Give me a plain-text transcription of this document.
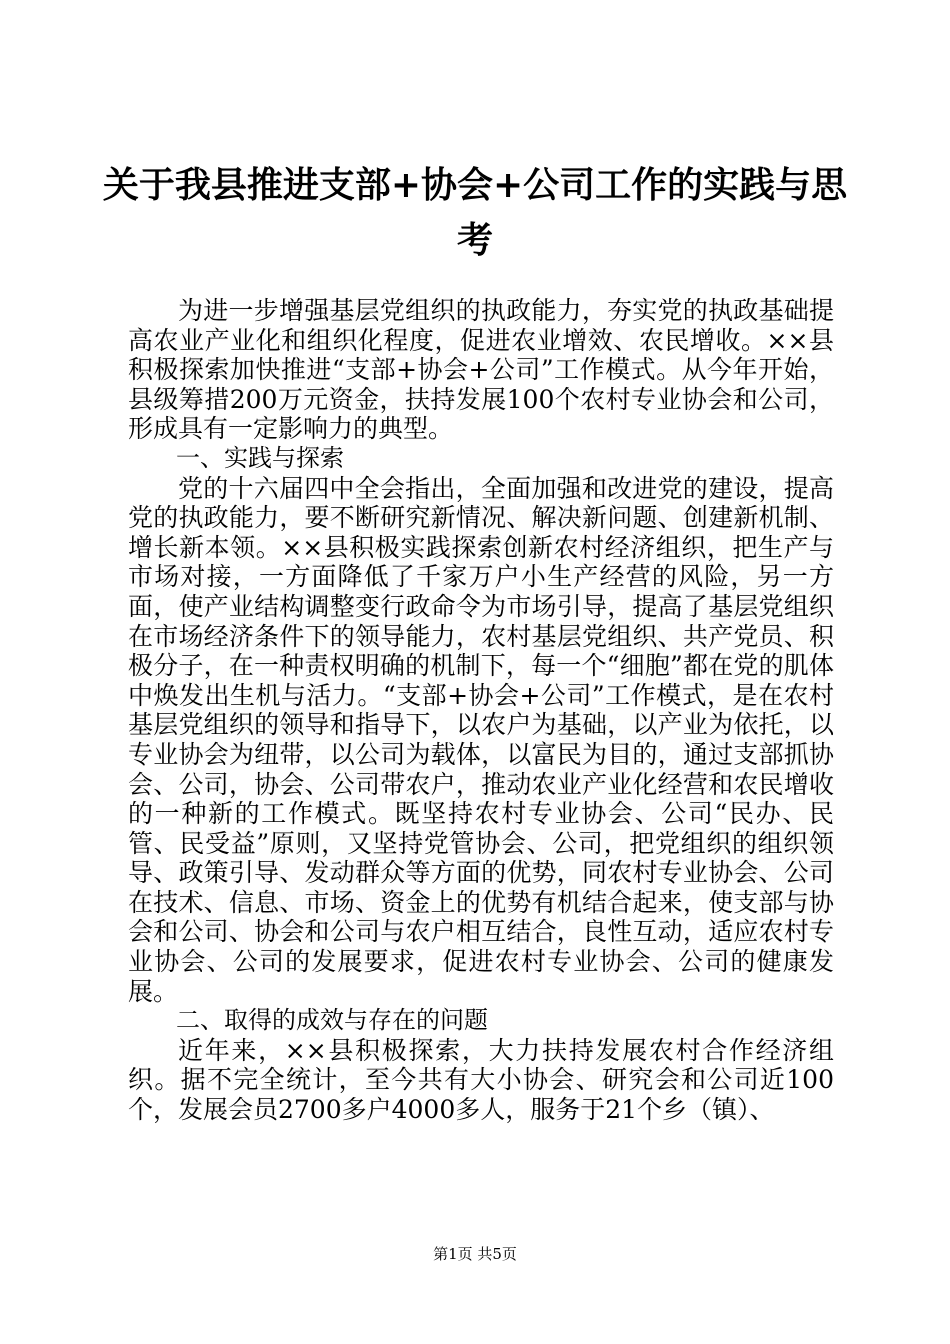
关于我县推进支部+协会+公司工作的实践与思考

为进一步增强基层党组织的执政能力，夯实党的执政基础提高农业产业化和组织化程度，促进农业增效、农民增收。××县积极探索加快推进“支部+协会+公司”工作模式。从今年开始，县级筹措200万元资金，扶持发展100个农村专业协会和公司，形成具有一定影响力的典型。

一、实践与探索

党的十六届四中全会指出，全面加强和改进党的建设，提高党的执政能力，要不断研究新情况、解决新问题、创建新机制、增长新本领。××县积极实践探索创新农村经济组织，把生产与市场对接，一方面降低了千家万户小生产经营的风险，另一方面，使产业结构调整变行政命令为市场引导，提高了基层党组织在市场经济条件下的领导能力，农村基层党组织、共产党员、积极分子，在一种责权明确的机制下，每一个“细胞”都在党的肌体中焕发出生机与活力。“支部+协会+公司”工作模式，是在农村基层党组织的领导和指导下，以农户为基础，以产业为依托，以专业协会为纽带，以公司为载体，以富民为目的，通过支部抓协会、公司，协会、公司带农户，推动农业产业化经营和农民增收的一种新的工作模式。既坚持农村专业协会、公司“民办、民管、民受益”原则，又坚持党管协会、公司，把党组织的组织领导、政策引导、发动群众等方面的优势，同农村专业协会、公司在技术、信息、市场、资金上的优势有机结合起来，使支部与协会和公司、协会和公司与农户相互结合，良性互动，适应农村专业协会、公司的发展要求，促进农村专业协会、公司的健康发展。

二、取得的成效与存在的问题

近年来，××县积极探索，大力扶持发展农村合作经济组织。据不完全统计，至今共有大小协会、研究会和公司近100个，发展会员2700多户4000多人，服务于21个乡（镇）、

第1页 共5页
